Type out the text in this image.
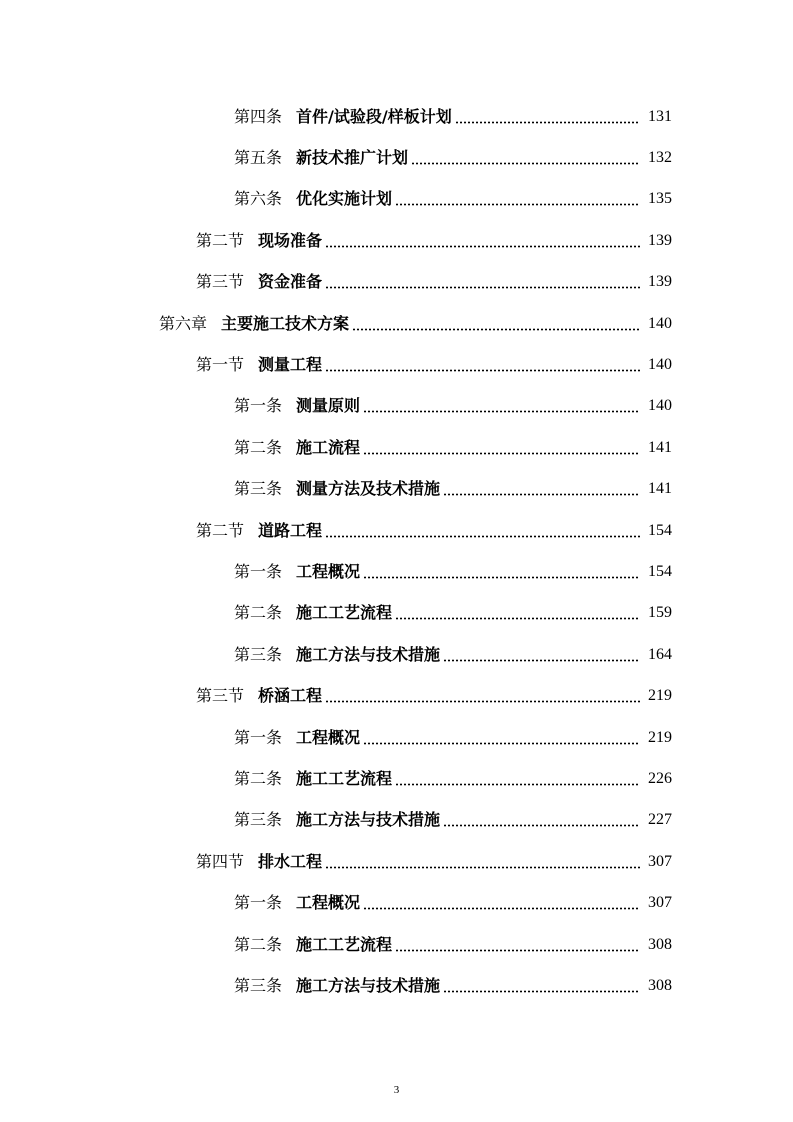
第四条 首件/试验段/样板计划	131
第五条 新技术推广计划	132
第六条 优化实施计划	135
第二节 现场准备	139
第三节 资金准备	139
第六章 主要施工技术方案	140
第一节 测量工程	140
第一条 测量原则	140
第二条 施工流程	141
第三条 测量方法及技术措施	141
第二节 道路工程	154
第一条 工程概况	154
第二条 施工工艺流程	159
第三条 施工方法与技术措施	164
第三节 桥涵工程	219
第一条 工程概况	219
第二条 施工工艺流程	226
第三条 施工方法与技术措施	227
第四节 排水工程	307
第一条 工程概况	307
第二条 施工工艺流程	308
第三条 施工方法与技术措施	308
3
